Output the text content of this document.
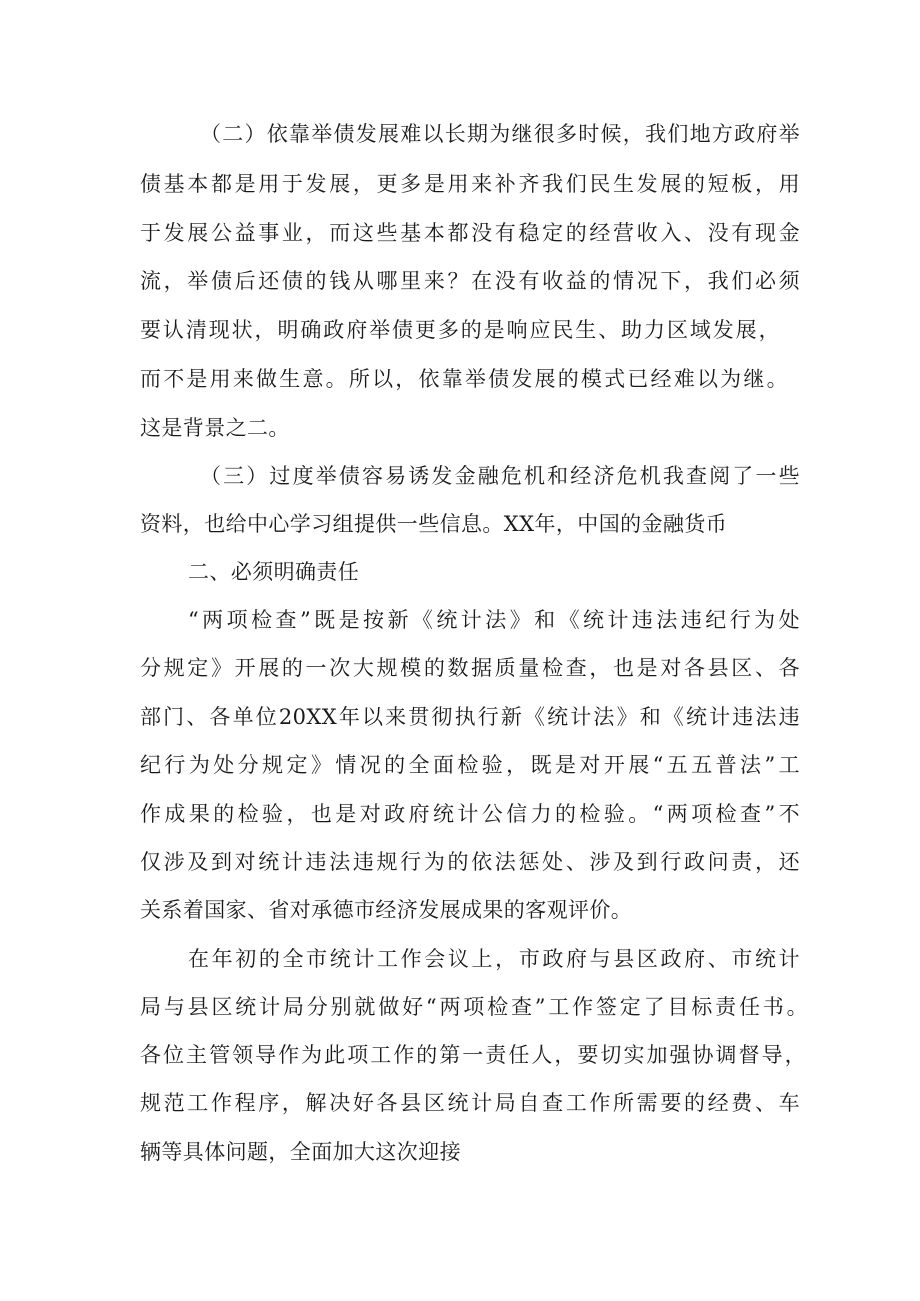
（二）依靠举债发展难以长期为继很多时候，我们地方政府举
债基本都是用于发展，更多是用来补齐我们民生发展的短板，用
于发展公益事业，而这些基本都没有稳定的经营收入、没有现金
流，举债后还债的钱从哪里来？在没有收益的情况下，我们必须
要认清现状，明确政府举债更多的是响应民生、助力区域发展，
而不是用来做生意。所以，依靠举债发展的模式已经难以为继。
这是背景之二。
（三）过度举债容易诱发金融危机和经济危机我查阅了一些
资料，也给中心学习组提供一些信息。XX年，中国的金融货币
二、必须明确责任
“两项检查”既是按新《统计法》和《统计违法违纪行为处
分规定》开展的一次大规模的数据质量检查，也是对各县区、各
部门、各单位20XX年以来贯彻执行新《统计法》和《统计违法违
纪行为处分规定》情况的全面检验，既是对开展“五五普法”工
作成果的检验，也是对政府统计公信力的检验。“两项检查”不
仅涉及到对统计违法违规行为的依法惩处、涉及到行政问责，还
关系着国家、省对承德市经济发展成果的客观评价。
在年初的全市统计工作会议上，市政府与县区政府、市统计
局与县区统计局分别就做好“两项检查”工作签定了目标责任书。
各位主管领导作为此项工作的第一责任人，要切实加强协调督导，
规范工作程序，解决好各县区统计局自查工作所需要的经费、车
辆等具体问题，全面加大这次迎接
